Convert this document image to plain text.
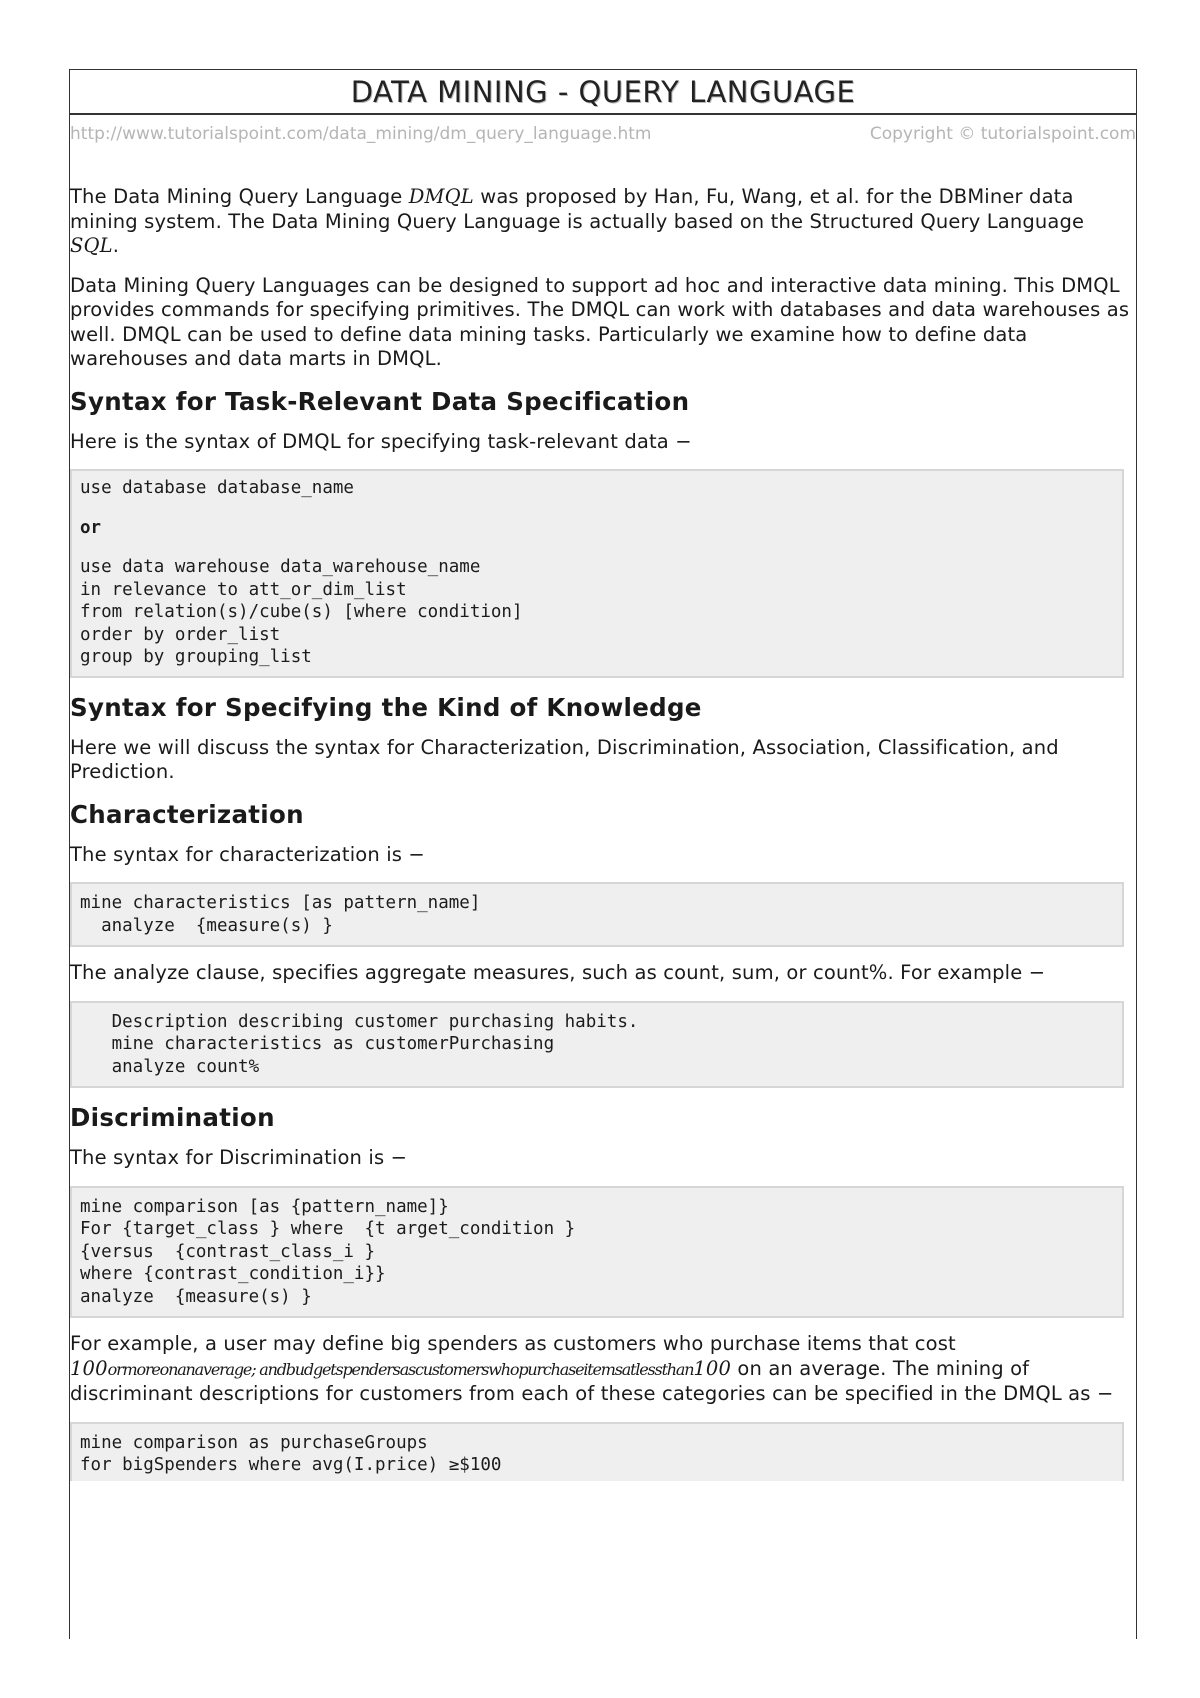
DATA MINING - QUERY LANGUAGE
http://www.tutorialspoint.com/data_mining/dm_query_language.htm	Copyright © tutorialspoint.com

The Data Mining Query Language DMQL was proposed by Han, Fu, Wang, et al. for the DBMiner data mining system. The Data Mining Query Language is actually based on the Structured Query Language SQL.

Data Mining Query Languages can be designed to support ad hoc and interactive data mining. This DMQL provides commands for specifying primitives. The DMQL can work with databases and data warehouses as well. DMQL can be used to define data mining tasks. Particularly we examine how to define data warehouses and data marts in DMQL.

Syntax for Task-Relevant Data Specification

Here is the syntax of DMQL for specifying task-relevant data −

use database database_name
or
use data warehouse data_warehouse_name
in relevance to att_or_dim_list
from relation(s)/cube(s) [where condition]
order by order_list
group by grouping_list
Syntax for Specifying the Kind of Knowledge

Here we will discuss the syntax for Characterization, Discrimination, Association, Classification, and Prediction.

Characterization

The syntax for characterization is −

mine characteristics [as pattern_name]
analyze  {measure(s) }

The analyze clause, specifies aggregate measures, such as count, sum, or count%. For example −

Description describing customer purchasing habits.
mine characteristics as customerPurchasing
analyze count%
Discrimination

The syntax for Discrimination is −

mine comparison [as {pattern_name]}
For {target_class } where  {t arget_condition }
{versus  {contrast_class_i }
where {contrast_condition_i}}
analyze  {measure(s) }

For example, a user may define big spenders as customers who purchase items that cost
100ormoreonanaverage; andbudgetspendersascustomerswhopurchaseitemsatlessthan100 on an average. The mining of discriminant descriptions for customers from each of these categories can be specified in the DMQL as −

mine comparison as purchaseGroups
for bigSpenders where avg(I.price) ≥$100
